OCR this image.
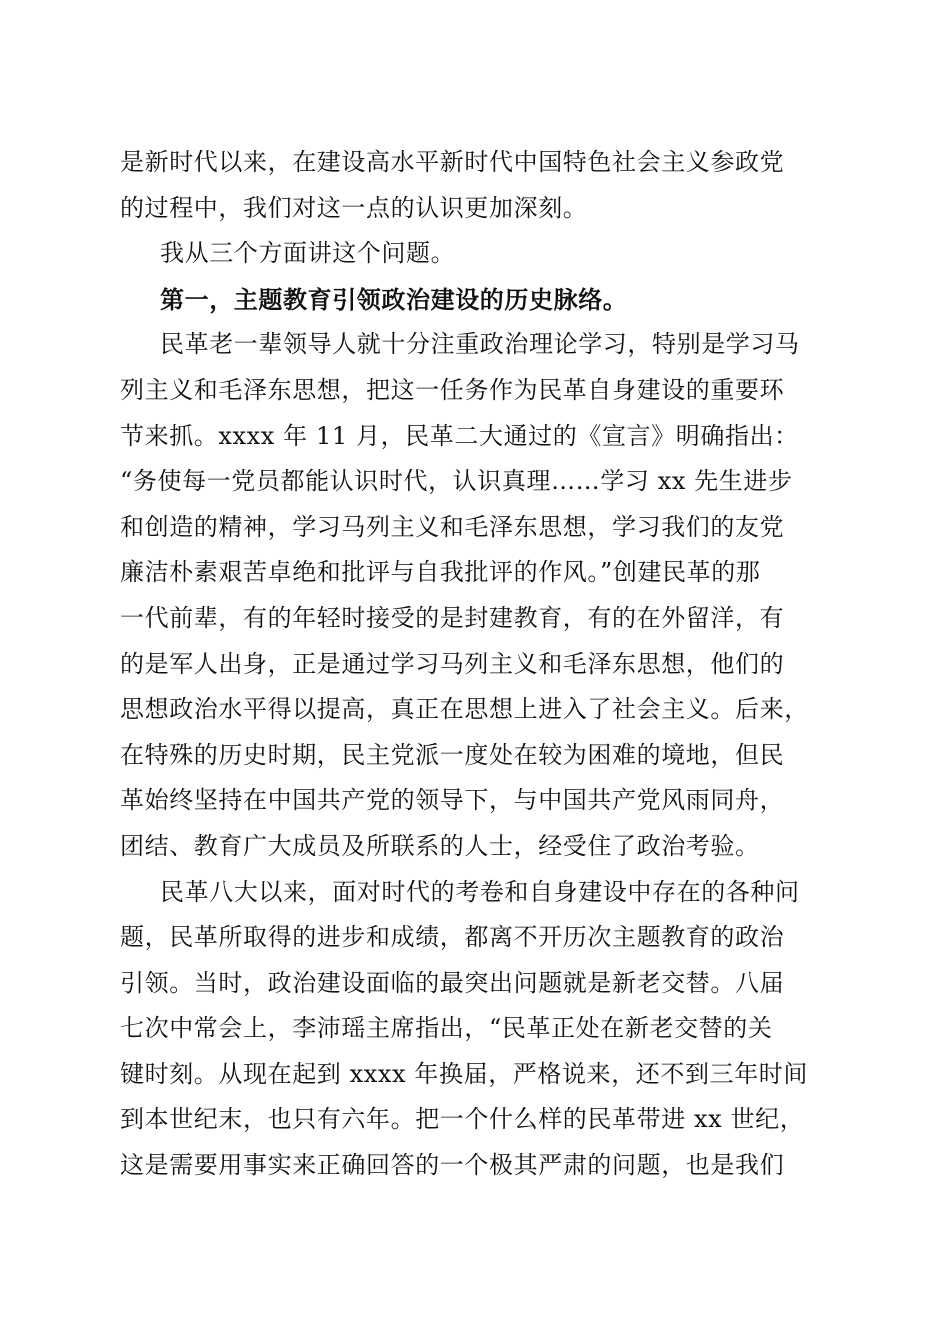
是新时代以来，在建设高水平新时代中国特色社会主义参政党
的过程中，我们对这一点的认识更加深刻。
我从三个方面讲这个问题。
第一，主题教育引领政治建设的历史脉络。
民革老一辈领导人就十分注重政治理论学习，特别是学习马
列主义和毛泽东思想，把这一任务作为民革自身建设的重要环
节来抓。xxxx 年 11 月，民革二大通过的《宣言》明确指出：
“务使每一党员都能认识时代，认识真理……学习 xx 先生进步
和创造的精神，学习马列主义和毛泽东思想，学习我们的友党
廉洁朴素艰苦卓绝和批评与自我批评的作风。”创建民革的那
一代前辈，有的年轻时接受的是封建教育，有的在外留洋，有
的是军人出身，正是通过学习马列主义和毛泽东思想，他们的
思想政治水平得以提高，真正在思想上进入了社会主义。后来，
在特殊的历史时期，民主党派一度处在较为困难的境地，但民
革始终坚持在中国共产党的领导下，与中国共产党风雨同舟，
团结、教育广大成员及所联系的人士，经受住了政治考验。
民革八大以来，面对时代的考卷和自身建设中存在的各种问
题，民革所取得的进步和成绩，都离不开历次主题教育的政治
引领。当时，政治建设面临的最突出问题就是新老交替。八届
七次中常会上，李沛瑶主席指出，“民革正处在新老交替的关
键时刻。从现在起到 xxxx 年换届，严格说来，还不到三年时间
到本世纪末，也只有六年。把一个什么样的民革带进 xx 世纪，
这是需要用事实来正确回答的一个极其严肃的问题，也是我们
